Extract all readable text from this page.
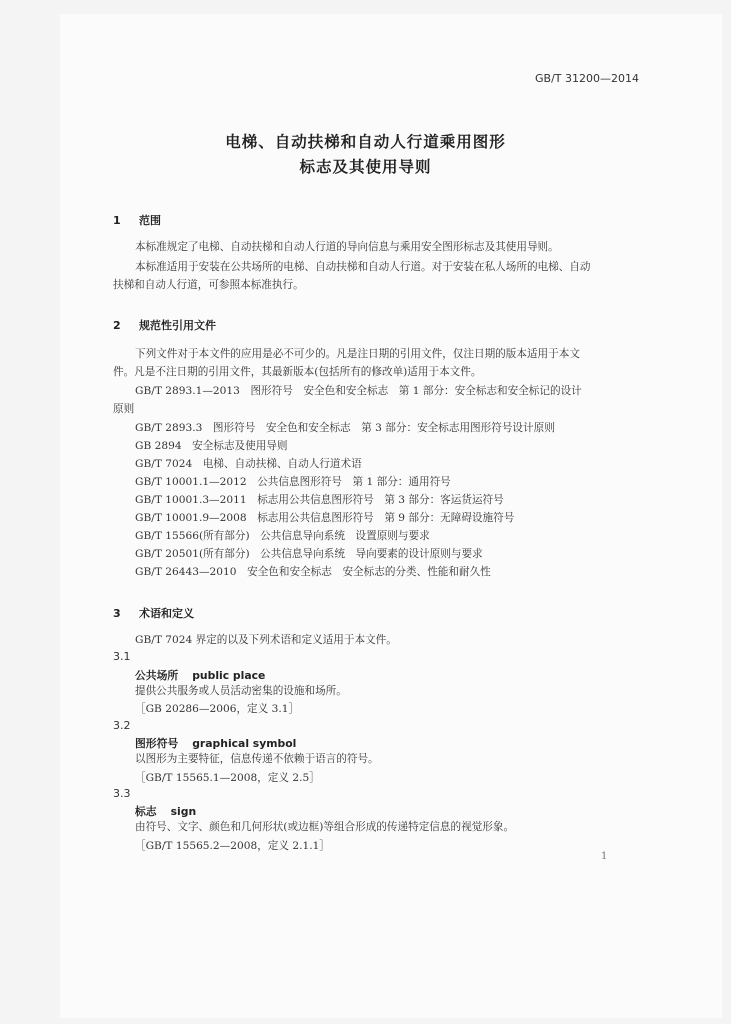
GB/T 31200—2014
电梯、自动扶梯和自动人行道乘用图形
标志及其使用导则
1 范围
本标准规定了电梯、自动扶梯和自动人行道的导向信息与乘用安全图形标志及其使用导则。
本标准适用于安装在公共场所的电梯、自动扶梯和自动人行道。对于安装在私人场所的电梯、自动
扶梯和自动人行道，可参照本标准执行。
2 规范性引用文件
下列文件对于本文件的应用是必不可少的。凡是注日期的引用文件，仅注日期的版本适用于本文
件。凡是不注日期的引用文件，其最新版本(包括所有的修改单)适用于本文件。
GB/T 2893.1—2013　图形符号　安全色和安全标志　第 1 部分：安全标志和安全标记的设计
原则
GB/T 2893.3　图形符号　安全色和安全标志　第 3 部分：安全标志用图形符号设计原则
GB 2894　安全标志及使用导则
GB/T 7024　电梯、自动扶梯、自动人行道术语
GB/T 10001.1—2012　公共信息图形符号　第 1 部分：通用符号
GB/T 10001.3—2011　标志用公共信息图形符号　第 3 部分：客运货运符号
GB/T 10001.9—2008　标志用公共信息图形符号　第 9 部分：无障碍设施符号
GB/T 15566(所有部分)　公共信息导向系统　设置原则与要求
GB/T 20501(所有部分)　公共信息导向系统　导向要素的设计原则与要求
GB/T 26443—2010　安全色和安全标志　安全标志的分类、性能和耐久性
3 术语和定义
GB/T 7024 界定的以及下列术语和定义适用于本文件。
3.1
公共场所 public place
提供公共服务或人员活动密集的设施和场所。
［GB 20286—2006，定义 3.1］
3.2
图形符号 graphical symbol
以图形为主要特征，信息传递不依赖于语言的符号。
［GB/T 15565.1—2008，定义 2.5］
3.3
标志 sign
由符号、文字、颜色和几何形状(或边框)等组合形成的传递特定信息的视觉形象。
［GB/T 15565.2—2008，定义 2.1.1］
1
